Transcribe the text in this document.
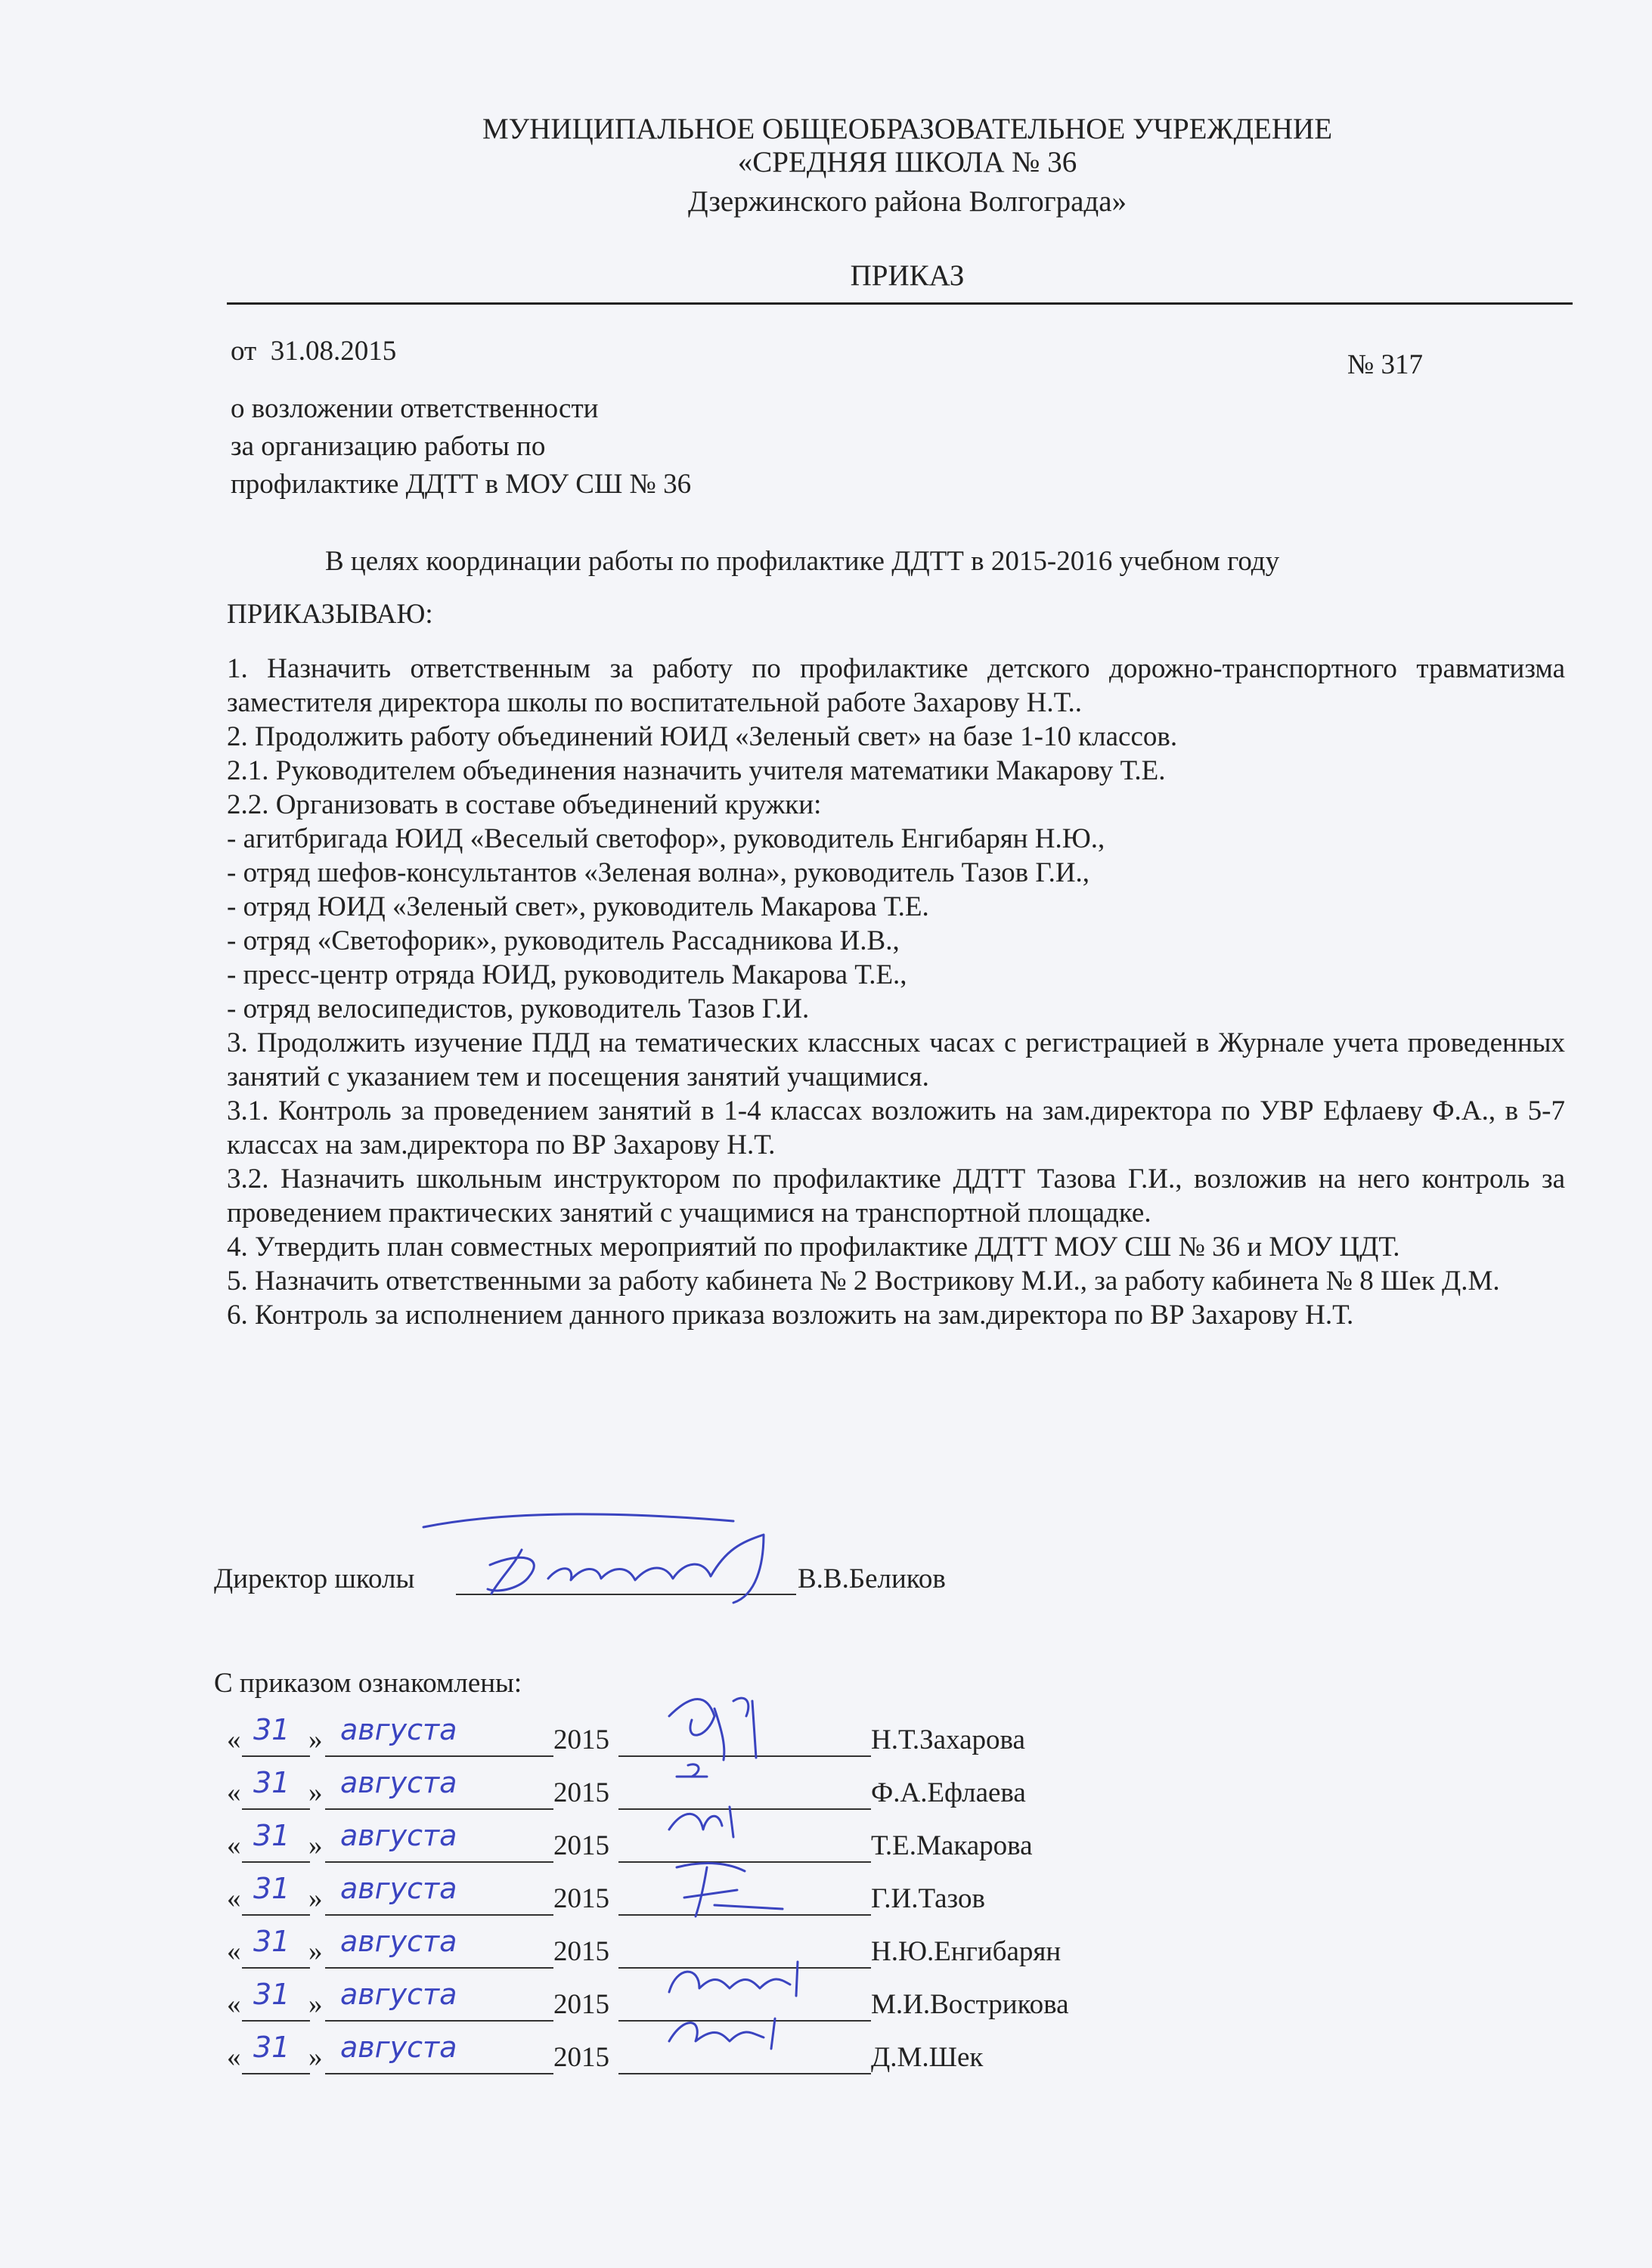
МУНИЦИПАЛЬНОЕ ОБЩЕОБРАЗОВАТЕЛЬНОЕ УЧРЕЖДЕНИЕ
«СРЕДНЯЯ ШКОЛА № 36
Дзержинского района Волгограда»
ПРИКАЗ
от 31.08.2015	№ 317
о возложении ответственности
за организацию работы по
профилактике ДДТТ в МОУ СШ № 36
В целях координации работы по профилактике ДДТТ в 2015-2016 учебном году
ПРИКАЗЫВАЮ:
1. Назначить ответственным за работу по профилактике детского дорожно-транспортного травматизма заместителя директора школы по воспитательной работе Захарову Н.Т..
2. Продолжить работу объединений ЮИД «Зеленый свет» на базе 1-10 классов.
2.1. Руководителем объединения назначить учителя математики Макарову Т.Е.
2.2. Организовать в составе объединений кружки:
- агитбригада ЮИД «Веселый светофор», руководитель Енгибарян Н.Ю.,
- отряд шефов-консультантов «Зеленая волна», руководитель Тазов Г.И.,
- отряд ЮИД «Зеленый свет», руководитель Макарова Т.Е.
- отряд «Светофорик», руководитель Рассадникова И.В.,
- пресс-центр отряда ЮИД, руководитель Макарова Т.Е.,
- отряд велосипедистов, руководитель Тазов Г.И.
3. Продолжить изучение ПДД на тематических классных часах с регистрацией в Журнале учета проведенных занятий с указанием тем и посещения занятий учащимися.
3.1. Контроль за проведением занятий в 1-4 классах возложить на зам.директора по УВР Ефлаеву Ф.А., в 5-7 классах на зам.директора по ВР Захарову Н.Т.
3.2. Назначить школьным инструктором по профилактике ДДТТ Тазова Г.И., возложив на него контроль за проведением практических занятий с учащимися на транспортной площадке.
4. Утвердить план совместных мероприятий по профилактике ДДТТ МОУ СШ № 36 и МОУ ЦДТ.
5. Назначить ответственными за работу кабинета № 2 Вострикову М.И., за работу кабинета № 8 Шек Д.М.
6. Контроль за исполнением данного приказа возложить на зам.директора по ВР Захарову Н.Т.
Директор школы	В.В.Беликов
С приказом ознакомлены:
« 31 » августа	2015	Н.Т.Захарова
« 31 » августа	2015	Ф.А.Ефлаева
« 31 » августа	2015	Т.Е.Макарова
« 31 » августа	2015	Г.И.Тазов
« 31 » августа	2015	Н.Ю.Енгибарян
« 31 » августа	2015	М.И.Вострикова
« 31 » августа	2015	Д.М.Шек
